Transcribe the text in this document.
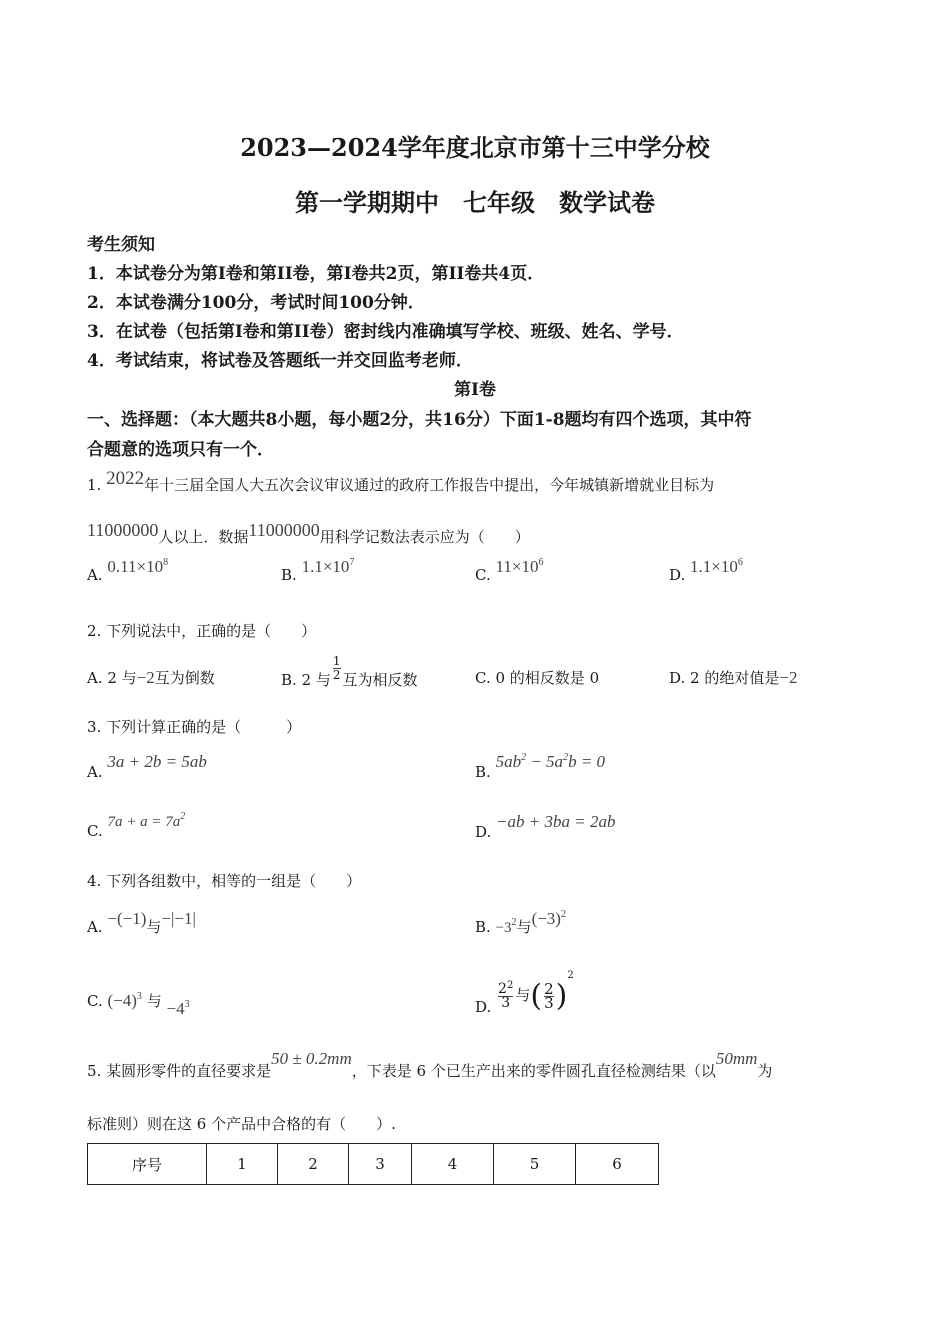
2023—2024学年度北京市第十三中学分校
第一学期期中　七年级　数学试卷
考生须知
1．本试卷分为第I卷和第II卷，第I卷共2页，第II卷共4页．
2．本试卷满分100分，考试时间100分钟．
3．在试卷（包括第I卷和第II卷）密封线内准确填写学校、班级、姓名、学号．
4．考试结束，将试卷及答题纸一并交回监考老师．
第I卷
一、选择题：（本大题共8小题，每小题2分，共16分）下面1-8题均有四个选项，其中符
合题意的选项只有一个．
1. 2022年十三届全国人大五次会议审议通过的政府工作报告中提出，今年城镇新增就业目标为
11000000人以上．数据11000000用科学记数法表示应为（　　）
A. $0.11\times 10^8$
B. $1.1\times 10^7$
C. $11\times 10^6$
D. $1.1\times 10^6$
2. 下列说法中，正确的是（　　）
A. 2 与−2互为倒数	B. 2 与 $\frac{1}{2}$ 互为相反数	C. 0 的相反数是 0	D. 2 的绝对值是−2
3. 下列计算正确的是（　　　）
A. 3a + 2b = 5ab
B. $5ab^2 - 5a^2b = 0$
C. $7a + a = 7a^2$
D. −ab + 3ba = 2ab
4. 下列各组数中，相等的一组是（　　）
A. −(−1)与−|−1|	B. $-3^2$与$(-3)^2$
C. $(-4)^3$ 与 $-4^3$	D. $\frac{2^2}{3}$ 与( $\frac{2}{3} )^2$
5. 某圆形零件的直径要求是50 ± 0.2mm，下表是 6 个已生产出来的零件圆孔直径检测结果（以50mm为
标准则）则在这 6 个产品中合格的有（　　）.
序号	1	2	3	4	5	6
